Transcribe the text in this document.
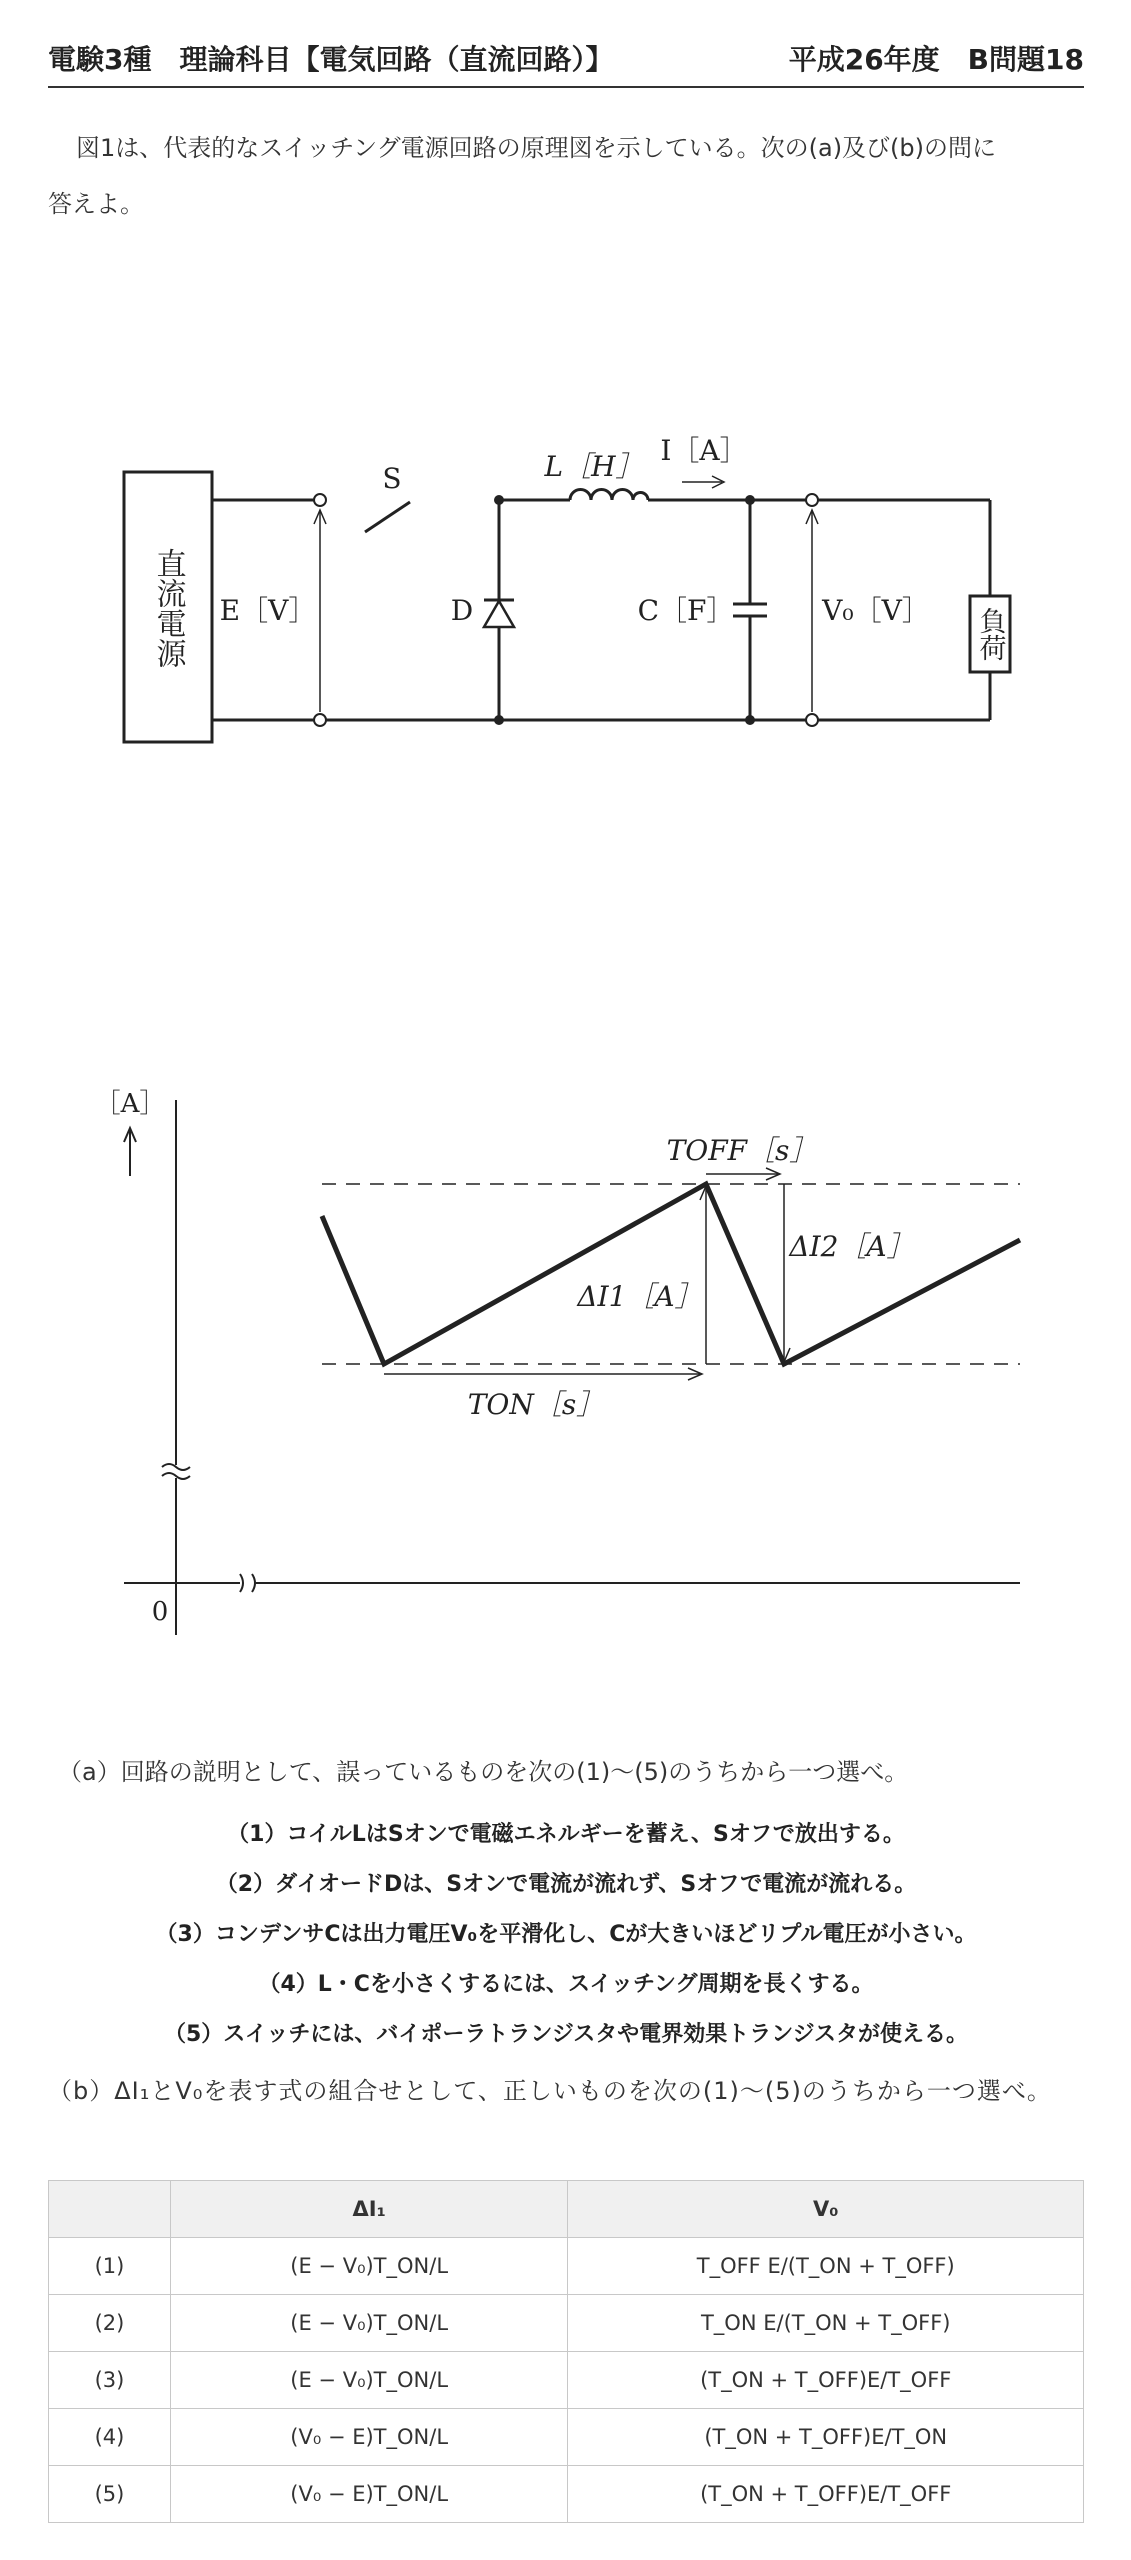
電験3種　理論科目【電気回路（直流回路）】	平成26年度　B問題18
図1は、代表的なスイッチング電源回路の原理図を示している。次の(a)及び(b)の問に
答えよ。
直流電源
S	L［H］ I［A］
E［V］	D	C［F］	V₀［V］ 負荷
［A］
0
TOFF［s］
TON［s］
ΔI1［A］
ΔI2［A］
（a）回路の説明として、誤っているものを次の(1)〜(5)のうちから一つ選べ。
（1）コイルLはSオンで電磁エネルギーを蓄え、Sオフで放出する。
（2）ダイオードDは、Sオンで電流が流れず、Sオフで電流が流れる。
（3）コンデンサCは出力電圧V₀を平滑化し、Cが大きいほどリプル電圧が小さい。
（4）L・Cを小さくするには、スイッチング周期を長くする。
（5）スイッチには、バイポーラトランジスタや電界効果トランジスタが使える。
（b）ΔI₁とV₀を表す式の組合せとして、正しいものを次の(1)〜(5)のうちから一つ選べ。
	ΔI₁	V₀
(1)	(E − V₀)T_ON/L	T_OFF E/(T_ON + T_OFF)
(2)	(E − V₀)T_ON/L	T_ON E/(T_ON + T_OFF)
(3)	(E − V₀)T_ON/L	(T_ON + T_OFF)E/T_OFF
(4)	(V₀ − E)T_ON/L	(T_ON + T_OFF)E/T_ON
(5)	(V₀ − E)T_ON/L	(T_ON + T_OFF)E/T_OFF
